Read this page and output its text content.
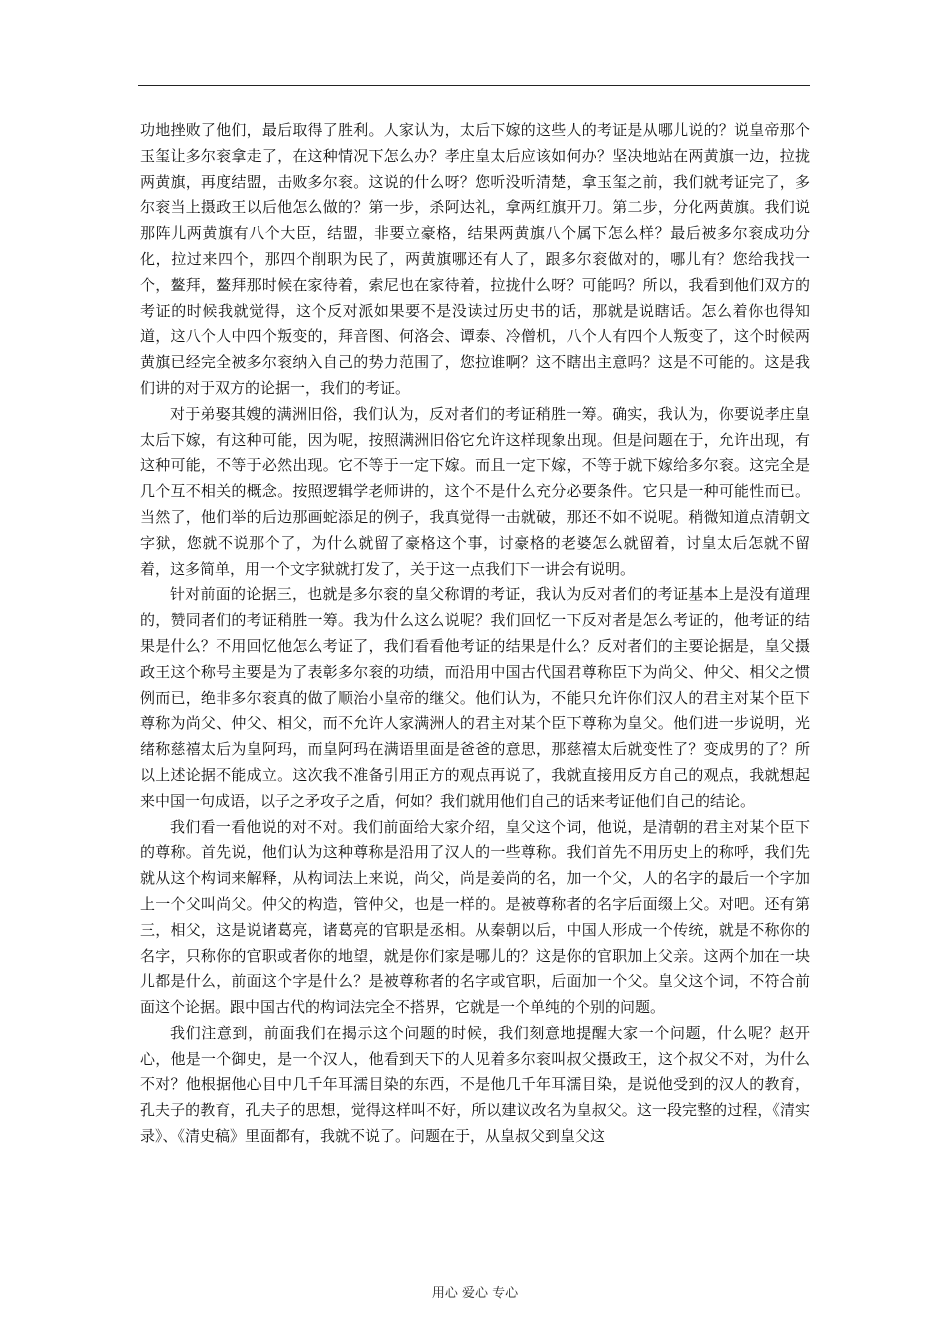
功地挫败了他们，最后取得了胜利。人家认为，太后下嫁的这些人的考证是从哪儿说的？说皇帝那个玉玺让多尔衮拿走了，在这种情况下怎么办？孝庄皇太后应该如何办？坚决地站在两黄旗一边，拉拢两黄旗，再度结盟，击败多尔衮。这说的什么呀？您听没听清楚，拿玉玺之前，我们就考证完了，多尔衮当上摄政王以后他怎么做的？第一步，杀阿达礼，拿两红旗开刀。第二步，分化两黄旗。我们说那阵儿两黄旗有八个大臣，结盟，非要立豪格，结果两黄旗八个属下怎么样？最后被多尔衮成功分化，拉过来四个，那四个削职为民了，两黄旗哪还有人了，跟多尔衮做对的，哪儿有？您给我找一个，鳌拜，鳌拜那时候在家待着，索尼也在家待着，拉拢什么呀？可能吗？所以，我看到他们双方的考证的时候我就觉得，这个反对派如果要不是没读过历史书的话，那就是说瞎话。怎么着你也得知道，这八个人中四个叛变的，拜音图、何洛会、谭泰、冷僧机，八个人有四个人叛变了，这个时候两黄旗已经完全被多尔衮纳入自己的势力范围了，您拉谁啊？这不瞎出主意吗？这是不可能的。这是我们讲的对于双方的论据一，我们的考证。

对于弟娶其嫂的满洲旧俗，我们认为，反对者们的考证稍胜一筹。确实，我认为，你要说孝庄皇太后下嫁，有这种可能，因为呢，按照满洲旧俗它允许这样现象出现。但是问题在于，允许出现，有这种可能，不等于必然出现。它不等于一定下嫁。而且一定下嫁，不等于就下嫁给多尔衮。这完全是几个互不相关的概念。按照逻辑学老师讲的，这个不是什么充分必要条件。它只是一种可能性而已。当然了，他们举的后边那画蛇添足的例子，我真觉得一击就破，那还不如不说呢。稍微知道点清朝文字狱，您就不说那个了，为什么就留了豪格这个事，讨豪格的老婆怎么就留着，讨皇太后怎就不留着，这多简单，用一个文字狱就打发了，关于这一点我们下一讲会有说明。

针对前面的论据三，也就是多尔衮的皇父称谓的考证，我认为反对者们的考证基本上是没有道理的，赞同者们的考证稍胜一筹。我为什么这么说呢？我们回忆一下反对者是怎么考证的，他考证的结果是什么？不用回忆他怎么考证了，我们看看他考证的结果是什么？反对者们的主要论据是，皇父摄政王这个称号主要是为了表彰多尔衮的功绩，而沿用中国古代国君尊称臣下为尚父、仲父、相父之惯例而已，绝非多尔衮真的做了顺治小皇帝的继父。他们认为，不能只允许你们汉人的君主对某个臣下尊称为尚父、仲父、相父，而不允许人家满洲人的君主对某个臣下尊称为皇父。他们进一步说明，光绪称慈禧太后为皇阿玛，而皇阿玛在满语里面是爸爸的意思，那慈禧太后就变性了？变成男的了？所以上述论据不能成立。这次我不准备引用正方的观点再说了，我就直接用反方自己的观点，我就想起来中国一句成语，以子之矛攻子之盾，何如？我们就用他们自己的话来考证他们自己的结论。

我们看一看他说的对不对。我们前面给大家介绍，皇父这个词，他说，是清朝的君主对某个臣下的尊称。首先说，他们认为这种尊称是沿用了汉人的一些尊称。我们首先不用历史上的称呼，我们先就从这个构词来解释，从构词法上来说，尚父，尚是姜尚的名，加一个父，人的名字的最后一个字加上一个父叫尚父。仲父的构造，管仲父，也是一样的。是被尊称者的名字后面缀上父。对吧。还有第三，相父，这是说诸葛亮，诸葛亮的官职是丞相。从秦朝以后，中国人形成一个传统，就是不称你的名字，只称你的官职或者你的地望，就是你们家是哪儿的？这是你的官职加上父亲。这两个加在一块儿都是什么，前面这个字是什么？是被尊称者的名字或官职，后面加一个父。皇父这个词，不符合前面这个论据。跟中国古代的构词法完全不搭界，它就是一个单纯的个别的问题。

我们注意到，前面我们在揭示这个问题的时候，我们刻意地提醒大家一个问题，什么呢？赵开心，他是一个御史，是一个汉人，他看到天下的人见着多尔衮叫叔父摄政王，这个叔父不对，为什么不对？他根据他心目中几千年耳濡目染的东西，不是他几千年耳濡目染，是说他受到的汉人的教育，孔夫子的教育，孔夫子的思想，觉得这样叫不好，所以建议改名为皇叔父。这一段完整的过程，《清实录》、《清史稿》里面都有，我就不说了。问题在于，从皇叔父到皇父这

用心 爱心 专心
